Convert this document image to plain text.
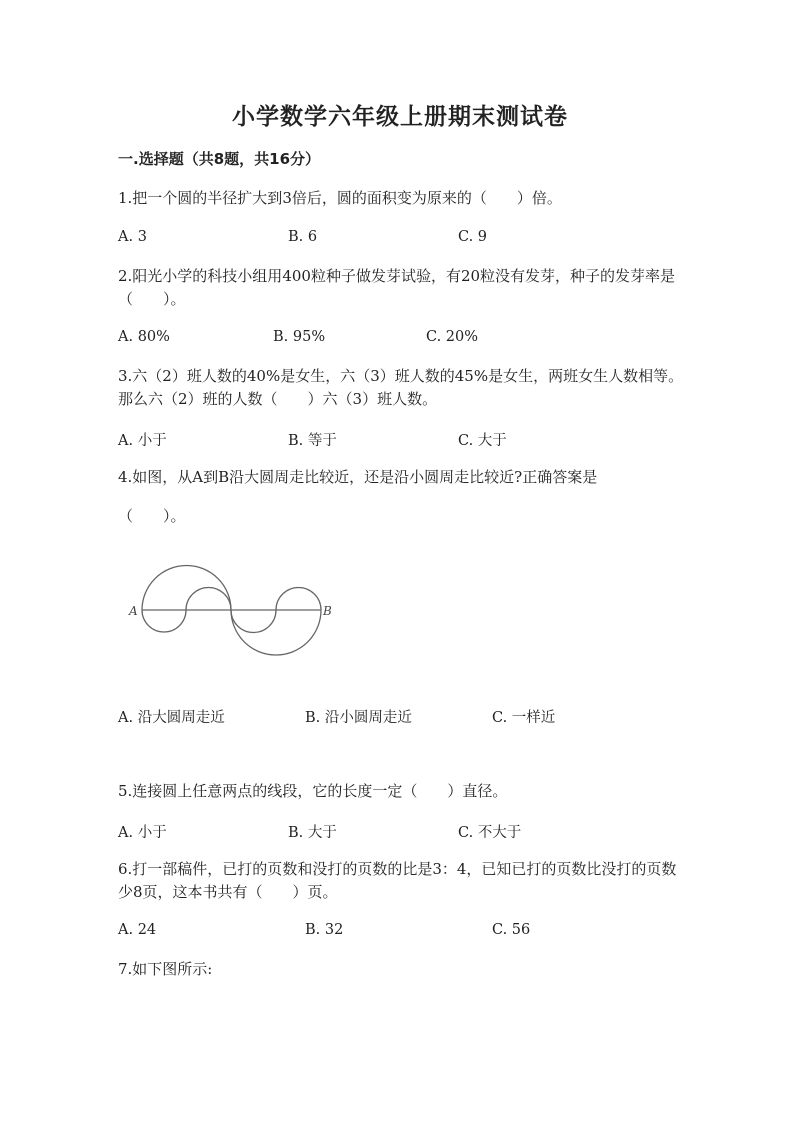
小学数学六年级上册期末测试卷
一.选择题（共8题，共16分）
1.把一个圆的半径扩大到3倍后，圆的面积变为原来的（　　）倍。
A. 3	B. 6	C. 9
2.阳光小学的科技小组用400粒种子做发芽试验，有20粒没有发芽，种子的发芽率是（　　）。
A. 80%	B. 95%	C. 20%
3.六（2）班人数的40%是女生，六（3）班人数的45%是女生，两班女生人数相等。那么六（2）班的人数（　　）六（3）班人数。
A. 小于	B. 等于	C. 大于
4.如图，从A到B沿大圆周走比较近，还是沿小圆周走比较近?正确答案是
（　　）。
A	B
A. 沿大圆周走近	B. 沿小圆周走近	C. 一样近
5.连接圆上任意两点的线段，它的长度一定（　　）直径。
A. 小于	B. 大于	C. 不大于
6.打一部稿件，已打的页数和没打的页数的比是3：4，已知已打的页数比没打的页数少8页，这本书共有（　　）页。
A. 24	B. 32	C. 56
7.如下图所示:
